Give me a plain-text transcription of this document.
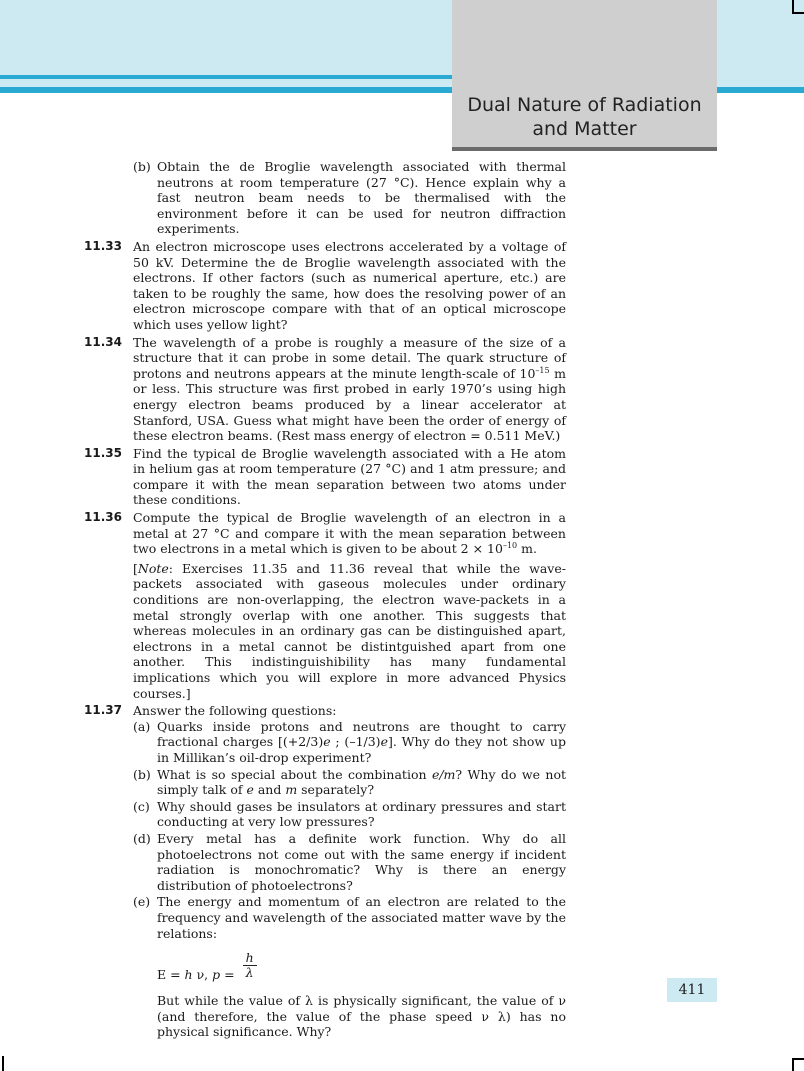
Dual Nature of Radiation
and Matter
(b) Obtain the de Broglie wavelength associated with thermal neutrons at room temperature (27 °C). Hence explain why a fast neutron beam needs to be thermalised with the environment before it can be used for neutron diffraction experiments.
11.33 An electron microscope uses electrons accelerated by a voltage of 50 kV. Determine the de Broglie wavelength associated with the electrons. If other factors (such as numerical aperture, etc.) are taken to be roughly the same, how does the resolving power of an electron microscope compare with that of an optical microscope which uses yellow light?
11.34 The wavelength of a probe is roughly a measure of the size of a structure that it can probe in some detail. The quark structure of protons and neutrons appears at the minute length-scale of $10^{-15}$ m or less. This structure was first probed in early 1970’s using high energy electron beams produced by a linear accelerator at Stanford, USA. Guess what might have been the order of energy of these electron beams. (Rest mass energy of electron = 0.511 MeV.)
11.35 Find the typical de Broglie wavelength associated with a He atom in helium gas at room temperature (27 °C) and 1 atm pressure; and compare it with the mean separation between two atoms under these conditions.
11.36 Compute the typical de Broglie wavelength of an electron in a metal at 27 °C and compare it with the mean separation between two electrons in a metal which is given to be about $2 \times 10^{-10}$ m.
[Note: Exercises 11.35 and 11.36 reveal that while the wave-packets associated with gaseous molecules under ordinary conditions are non-overlapping, the electron wave-packets in a metal strongly overlap with one another. This suggests that whereas molecules in an ordinary gas can be distinguished apart, electrons in a metal cannot be distintguished apart from one another. This indistinguishibility has many fundamental implications which you will explore in more advanced Physics courses.]
11.37 Answer the following questions:
(a) Quarks inside protons and neutrons are thought to carry fractional charges [(+2/3)e ; (–1/3)e]. Why do they not show up in Millikan’s oil-drop experiment?
(b) What is so special about the combination e/m? Why do we not simply talk of e and m separately?
(c) Why should gases be insulators at ordinary pressures and start conducting at very low pressures?
(d) Every metal has a definite work function. Why do all photoelectrons not come out with the same energy if incident radiation is monochromatic? Why is there an energy distribution of photoelectrons?
(e) The energy and momentum of an electron are related to the frequency and wavelength of the associated matter wave by the relations:
E = h ν, $p = \frac{h}{\lambda}$
But while the value of λ is physically significant, the value of ν (and therefore, the value of the phase speed ν λ) has no physical significance. Why?
411
